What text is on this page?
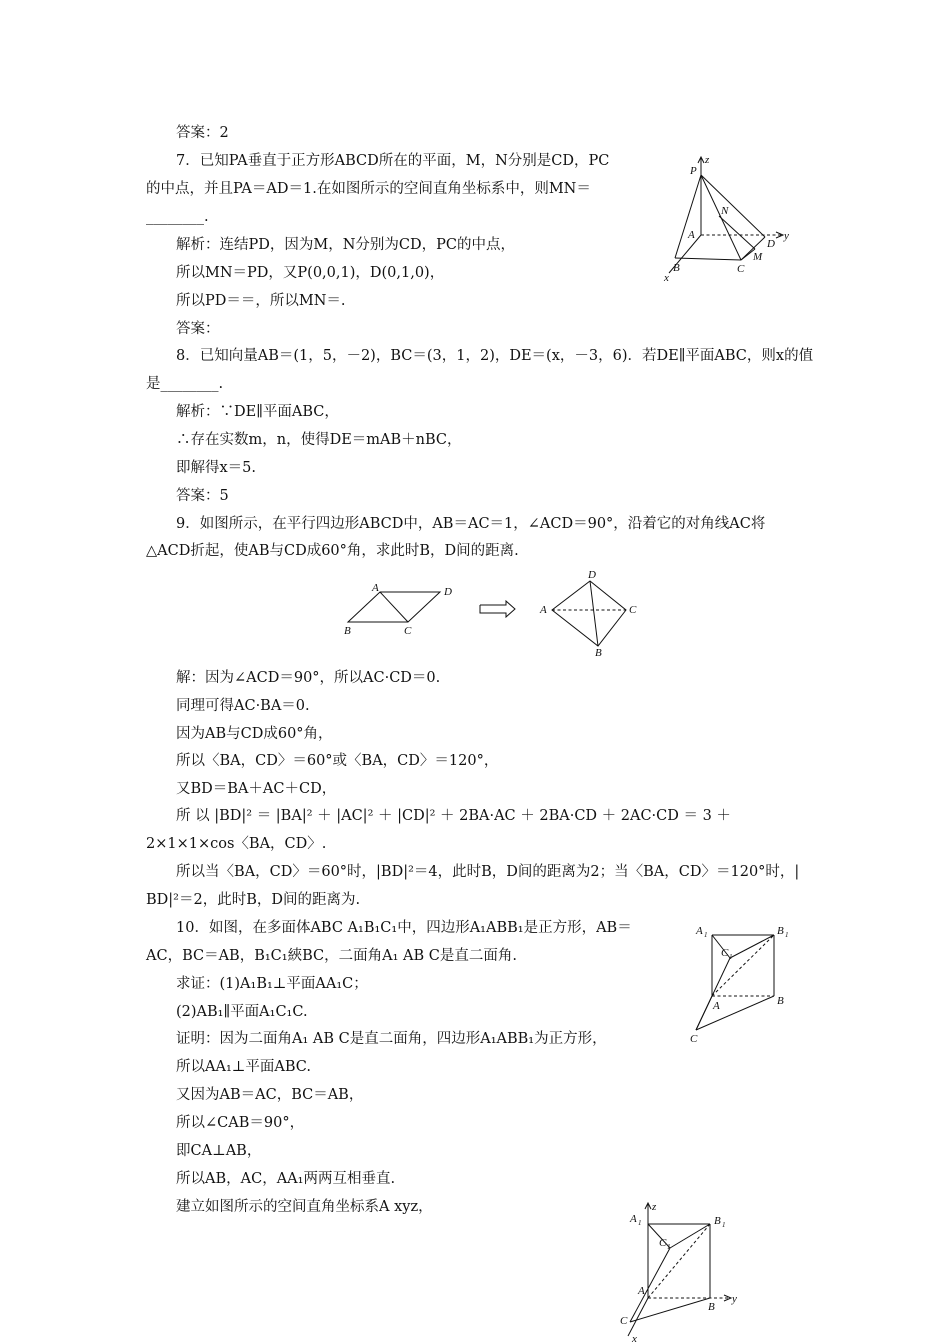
答案：2
7．已知PA垂直于正方形ABCD所在的平面，M，N分别是CD，PC
的中点，并且PA＝AD＝1.在如图所示的空间直角坐标系中，则MN＝
________.
解析：连结PD，因为M，N分别为CD，PC的中点，
所以MN＝PD，又P(0,0,1)，D(0,1,0)，
所以PD＝＝，所以MN＝.
答案：
8．已知向量AB＝(1，5，－2)，BC＝(3，1，2)，DE＝(x，－3，6)．若DE∥平面ABC，则x的值
是________.
解析：∵DE∥平面ABC，
∴存在实数m，n，使得DE＝mAB＋nBC，
即解得x＝5.
答案：5
9．如图所示，在平行四边形ABCD中，AB＝AC＝1，∠ACD＝90°，沿着它的对角线AC将
△ACD折起，使AB与CD成60°角，求此时B，D间的距离.
解：因为∠ACD＝90°，所以AC·CD＝0.
同理可得AC·BA＝0.
因为AB与CD成60°角，
所以〈BA，CD〉＝60°或〈BA，CD〉＝120°，
又BD＝BA＋AC＋CD，
所 以 |BD|² ＝ |BA|² ＋ |AC|² ＋ |CD|² ＋ 2BA·AC ＋ 2BA·CD ＋ 2AC·CD ＝ 3 ＋
2×1×1×cos〈BA，CD〉.
所以当〈BA，CD〉＝60°时，|BD|²＝4，此时B，D间的距离为2；当〈BA，CD〉＝120°时，|
BD|²＝2，此时B，D间的距离为.
10．如图，在多面体ABC A₁B₁C₁中，四边形A₁ABB₁是正方形，AB＝
AC，BC＝AB，B₁C₁綊BC，二面角A₁ AB C是直二面角.
求证：(1)A₁B₁⊥平面AA₁C；
(2)AB₁∥平面A₁C₁C.
证明：因为二面角A₁ AB C是直二面角，四边形A₁ABB₁为正方形，
所以AA₁⊥平面ABC.
又因为AB＝AC，BC＝AB，
所以∠CAB＝90°，
即CA⊥AB，
所以AB，AC，AA₁两两互相垂直.
建立如图所示的空间直角坐标系A xyz，
z
y
x
P
N
A
D
M
B	C
A	D
B	C
D
A	C
B
A 1	B 1
C 1
A	B
C
z
y
x
A 1	B 1
C 1
A
B
C
